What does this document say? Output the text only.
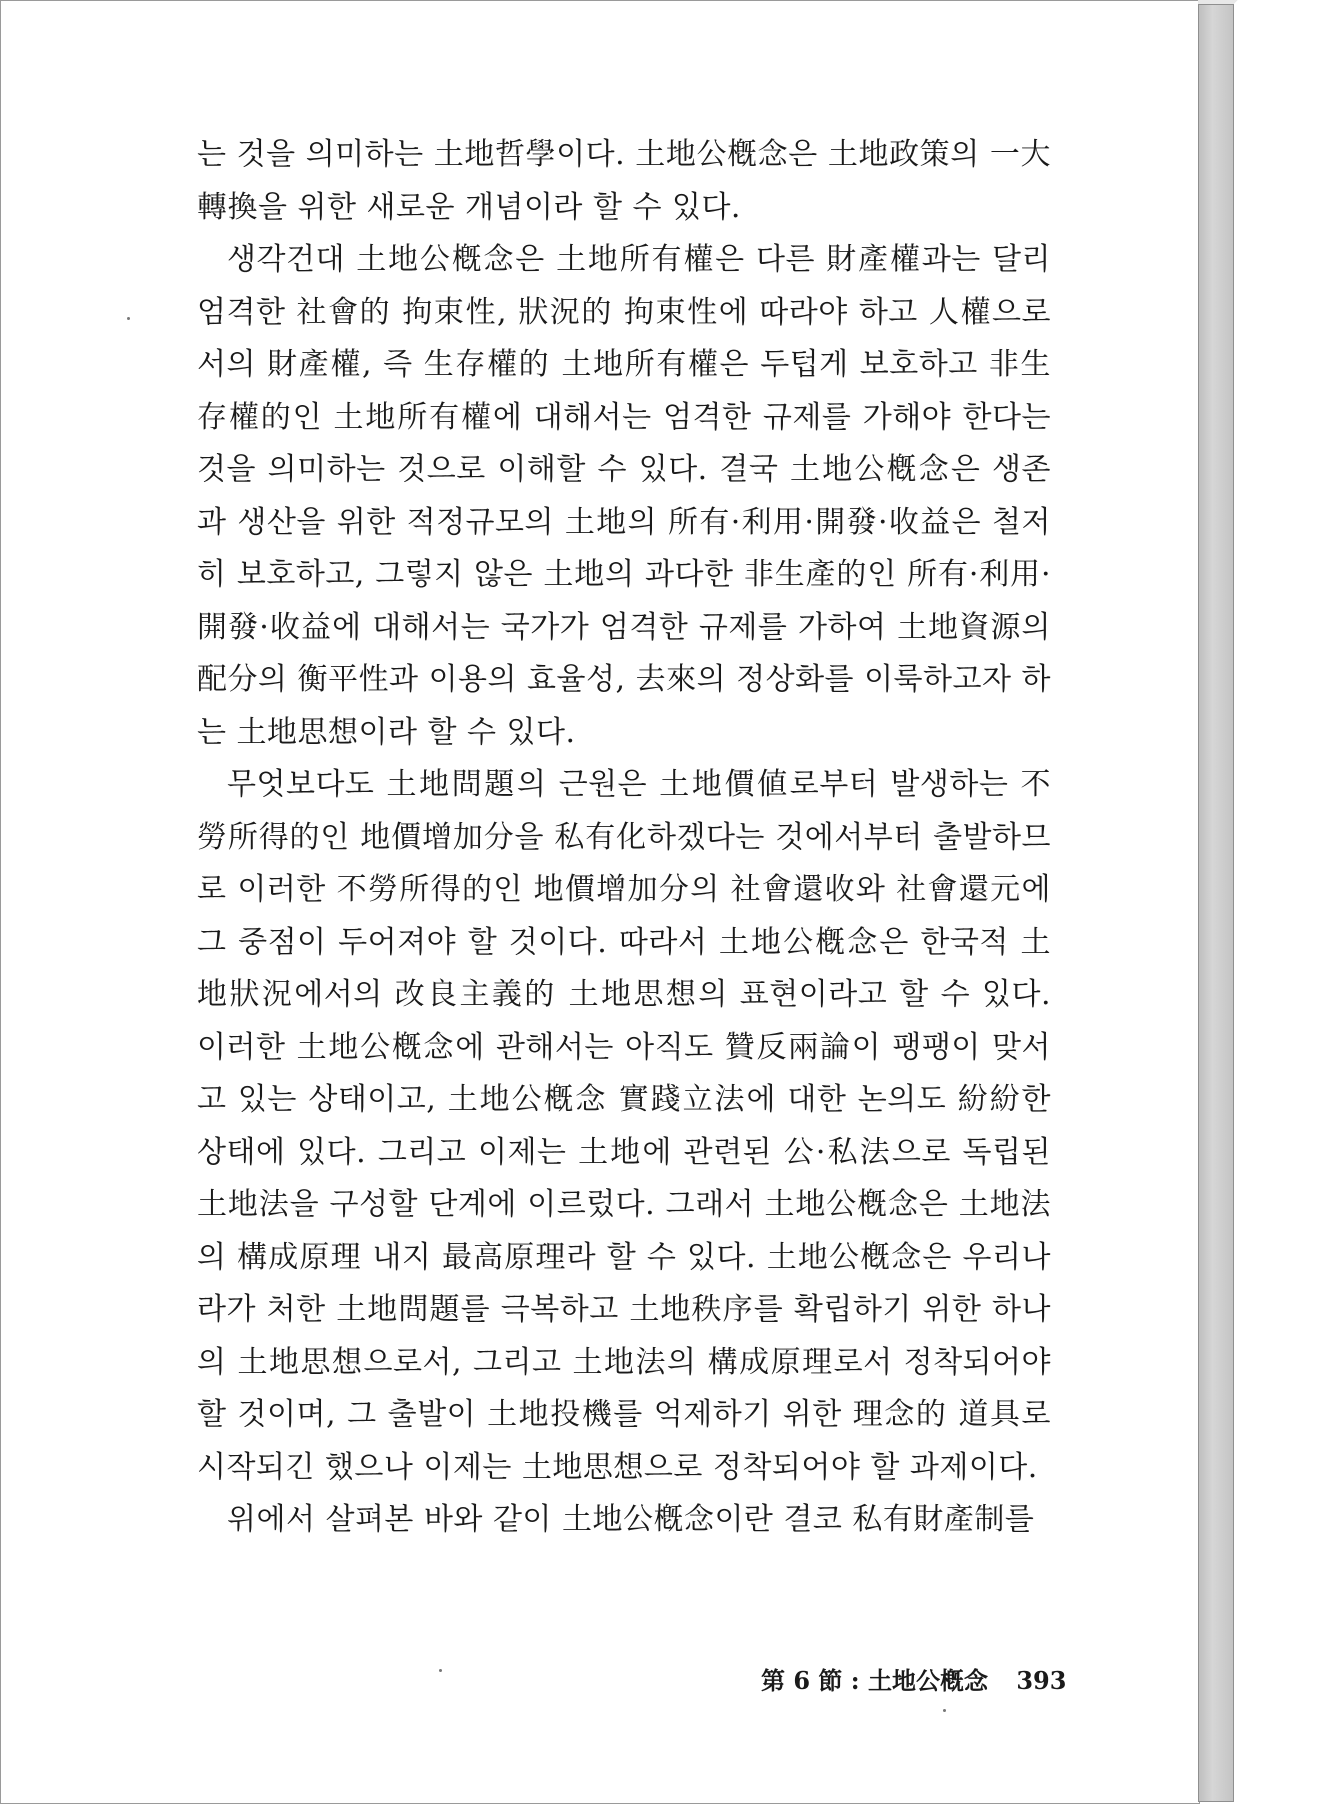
는 것을 의미하는 土地哲學이다. 土地公槪念은 土地政策의 一大轉換을 위한 새로운 개념이라 할 수 있다.

생각건대 土地公槪念은 土地所有權은 다른 財產權과는 달리 엄격한 社會的 拘束性, 狀況的 拘束性에 따라야 하고 人權으로서의 財產權, 즉 生存權的 土地所有權은 두텁게 보호하고 非生存權的인 土地所有權에 대해서는 엄격한 규제를 가해야 한다는 것을 의미하는 것으로 이해할 수 있다. 결국 土地公槪念은 생존과 생산을 위한 적정규모의 土地의 所有·利用·開發·收益은 철저히 보호하고, 그렇지 않은 土地의 과다한 非生產的인 所有·利用·開發·收益에 대해서는 국가가 엄격한 규제를 가하여 土地資源의 配分의 衡平性과 이용의 효율성, 去來의 정상화를 이룩하고자 하는 土地思想이라 할 수 있다.

무엇보다도 土地問題의 근원은 土地價値로부터 발생하는 不勞所得的인 地價增加分을 私有化하겠다는 것에서부터 출발하므로 이러한 不勞所得的인 地價增加分의 社會還收와 社會還元에 그 중점이 두어져야 할 것이다. 따라서 土地公槪念은 한국적 土地狀況에서의 改良主義的 土地思想의 표현이라고 할 수 있다. 이러한 土地公槪念에 관해서는 아직도 贊反兩論이 팽팽이 맞서고 있는 상태이고, 土地公槪念 實踐立法에 대한 논의도 紛紛한 상태에 있다. 그리고 이제는 土地에 관련된 公·私法으로 독립된 土地法을 구성할 단계에 이르렀다. 그래서 土地公槪念은 土地法의 構成原理 내지 最高原理라 할 수 있다. 土地公槪念은 우리나라가 처한 土地問題를 극복하고 土地秩序를 확립하기 위한 하나의 土地思想으로서, 그리고 土地法의 構成原理로서 정착되어야 할 것이며, 그 출발이 土地投機를 억제하기 위한 理念的 道具로 시작되긴 했으나 이제는 土地思想으로 정착되어야 할 과제이다.

위에서 살펴본 바와 같이 土地公槪念이란 결코 私有財產制를

第 6 節 : 土地公槪念 393
